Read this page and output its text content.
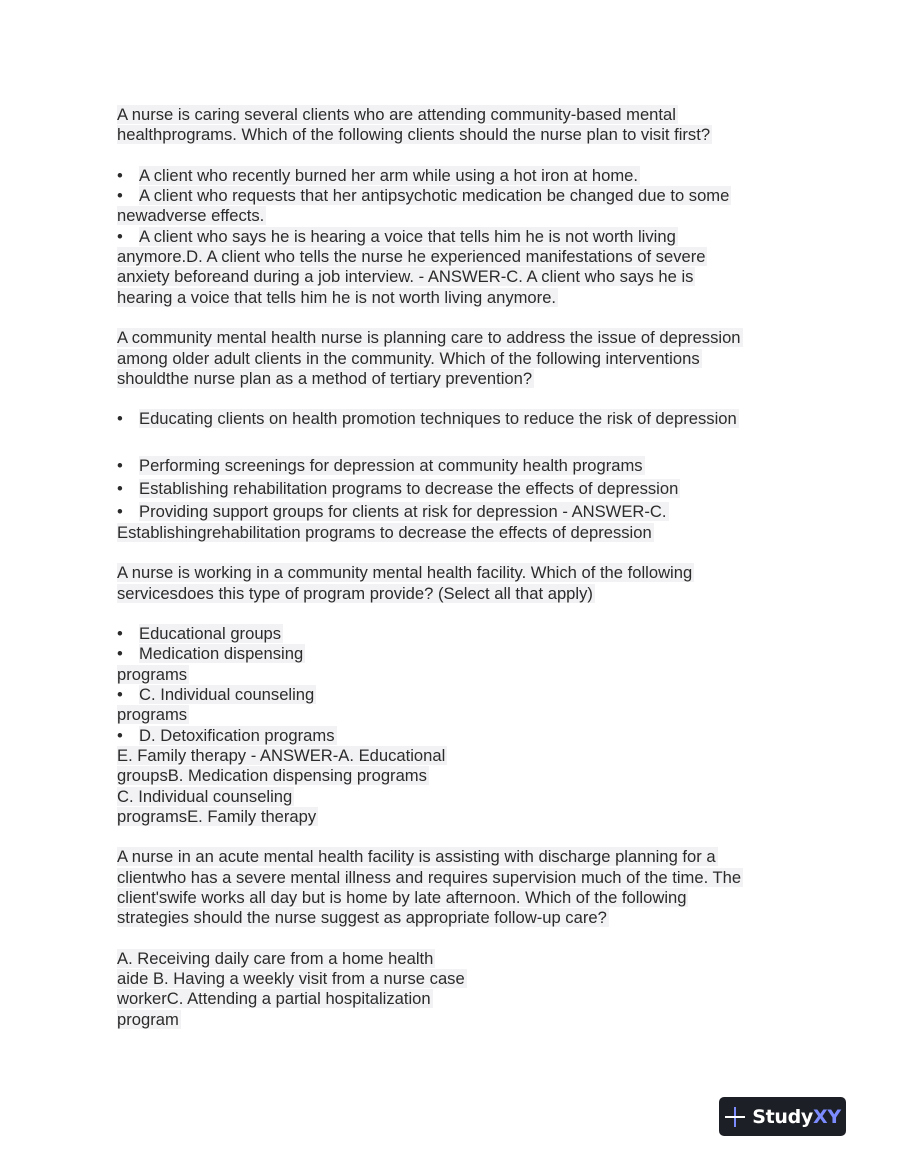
A nurse is caring several clients who are attending community-based mental
healthprograms. Which of the following clients should the nurse plan to visit first?
• A client who recently burned her arm while using a hot iron at home.
• A client who requests that her antipsychotic medication be changed due to some
newadverse effects.
• A client who says he is hearing a voice that tells him he is not worth living
anymore.D. A client who tells the nurse he experienced manifestations of severe
anxiety beforeand during a job interview. - ANSWER-C. A client who says he is
hearing a voice that tells him he is not worth living anymore.
A community mental health nurse is planning care to address the issue of depression
among older adult clients in the community. Which of the following interventions
shouldthe nurse plan as a method of tertiary prevention?
• Educating clients on health promotion techniques to reduce the risk of depression
• Performing screenings for depression at community health programs
• Establishing rehabilitation programs to decrease the effects of depression
• Providing support groups for clients at risk for depression - ANSWER-C.
Establishingrehabilitation programs to decrease the effects of depression
A nurse is working in a community mental health facility. Which of the following
servicesdoes this type of program provide? (Select all that apply)
• Educational groups
• Medication dispensing
programs
• C. Individual counseling
programs
• D. Detoxification programs
E. Family therapy - ANSWER-A. Educational
groupsB. Medication dispensing programs
C. Individual counseling
programsE. Family therapy
A nurse in an acute mental health facility is assisting with discharge planning for a
clientwho has a severe mental illness and requires supervision much of the time. The
client'swife works all day but is home by late afternoon. Which of the following
strategies should the nurse suggest as appropriate follow-up care?
A. Receiving daily care from a home health
aide B. Having a weekly visit from a nurse case
workerC. Attending a partial hospitalization
program
StudyXY
